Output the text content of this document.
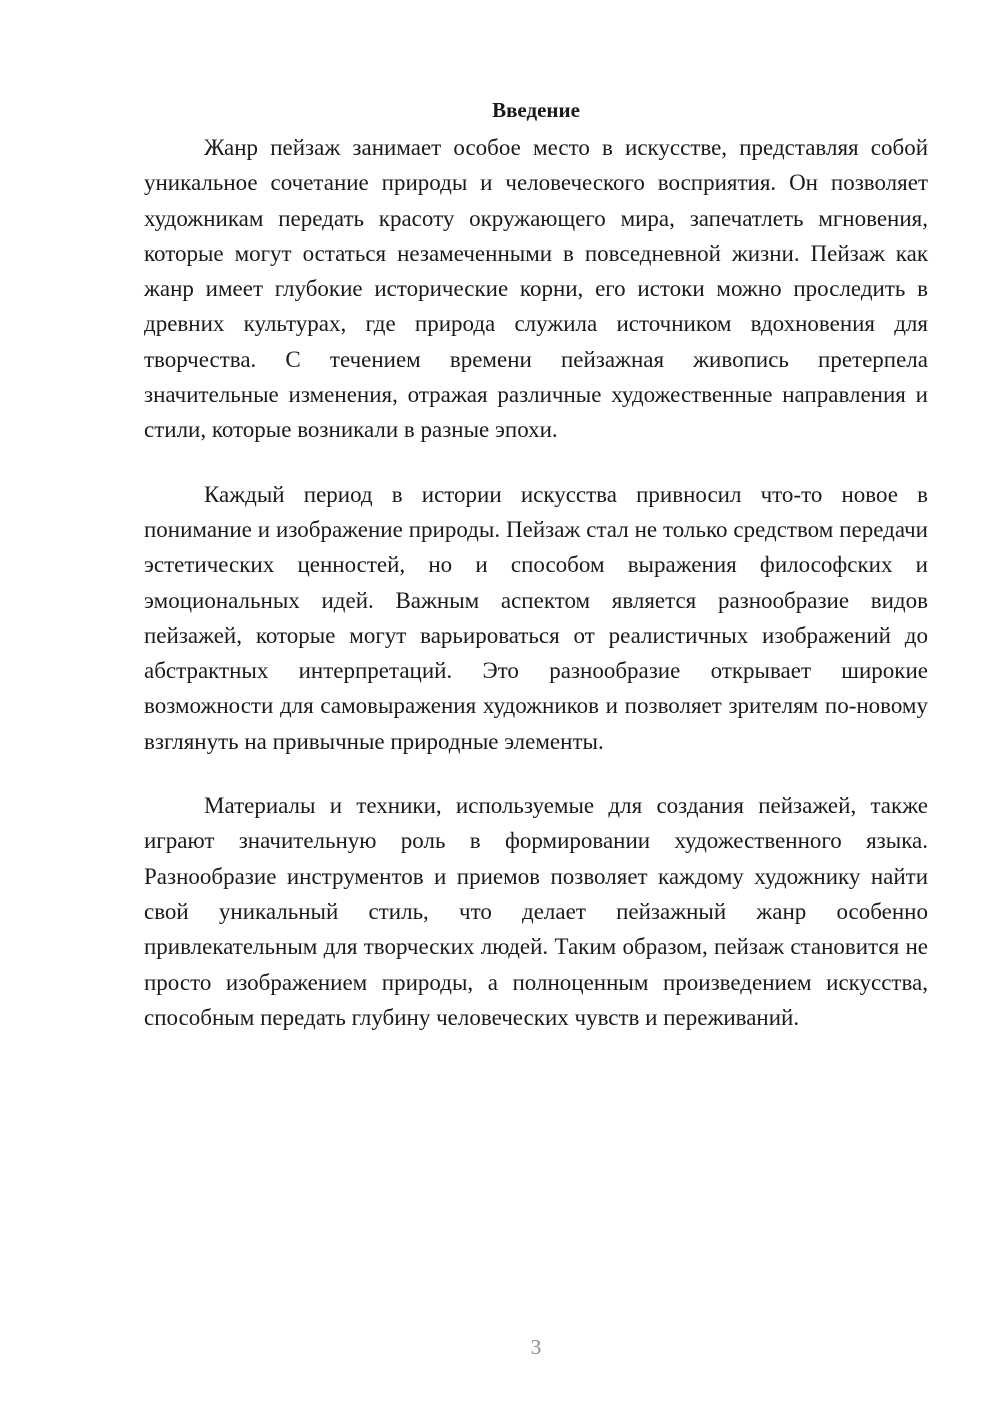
Введение

Жанр пейзаж занимает особое место в искусстве, представляя собой уникальное сочетание природы и человеческого восприятия. Он позволяет художникам передать красоту окружающего мира, запечатлеть мгновения, которые могут остаться незамеченными в повседневной жизни. Пейзаж как жанр имеет глубокие исторические корни, его истоки можно проследить в древних культурах, где природа служила источником вдохновения для творчества. С течением времени пейзажная живопись претерпела значительные изменения, отражая различные художественные направления и стили, которые возникали в разные эпохи.

Каждый период в истории искусства привносил что-то новое в понимание и изображение природы. Пейзаж стал не только средством передачи эстетических ценностей, но и способом выражения философских и эмоциональных идей. Важным аспектом является разнообразие видов пейзажей, которые могут варьироваться от реалистичных изображений до абстрактных интерпретаций. Это разнообразие открывает широкие возможности для самовыражения художников и позволяет зрителям по-новому взглянуть на привычные природные элементы.

Материалы и техники, используемые для создания пейзажей, также играют значительную роль в формировании художественного языка. Разнообразие инструментов и приемов позволяет каждому художнику найти свой уникальный стиль, что делает пейзажный жанр особенно привлекательным для творческих людей. Таким образом, пейзаж становится не просто изображением природы, а полноценным произведением искусства, способным передать глубину человеческих чувств и переживаний.

3
